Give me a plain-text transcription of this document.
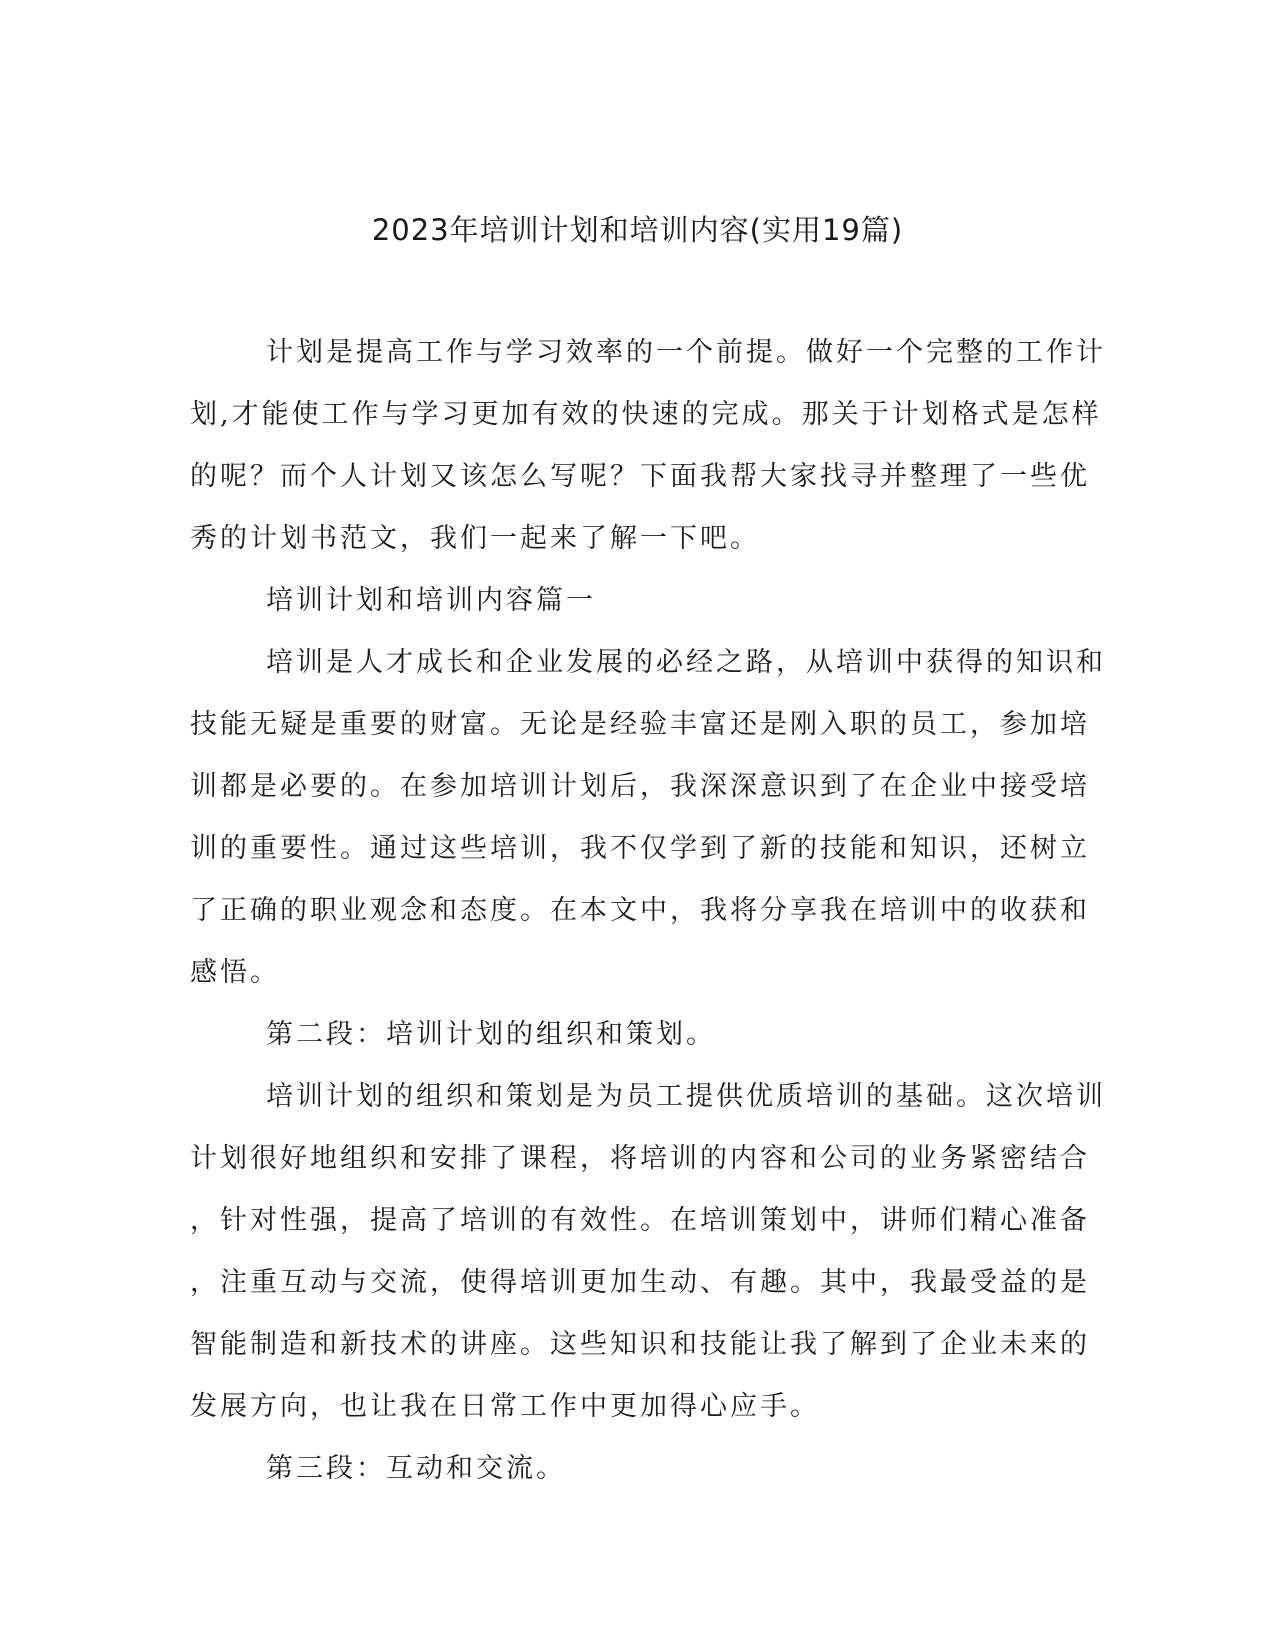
2023年培训计划和培训内容(实用19篇)
计划是提高工作与学习效率的一个前提。做好一个完整的工作计
划,才能使工作与学习更加有效的快速的完成。那关于计划格式是怎样
的呢？而个人计划又该怎么写呢？下面我帮大家找寻并整理了一些优
秀的计划书范文，我们一起来了解一下吧。
培训计划和培训内容篇一
培训是人才成长和企业发展的必经之路，从培训中获得的知识和
技能无疑是重要的财富。无论是经验丰富还是刚入职的员工，参加培
训都是必要的。在参加培训计划后，我深深意识到了在企业中接受培
训的重要性。通过这些培训，我不仅学到了新的技能和知识，还树立
了正确的职业观念和态度。在本文中，我将分享我在培训中的收获和
感悟。
第二段：培训计划的组织和策划。
培训计划的组织和策划是为员工提供优质培训的基础。这次培训
计划很好地组织和安排了课程，将培训的内容和公司的业务紧密结合
，针对性强，提高了培训的有效性。在培训策划中，讲师们精心准备
，注重互动与交流，使得培训更加生动、有趣。其中，我最受益的是
智能制造和新技术的讲座。这些知识和技能让我了解到了企业未来的
发展方向，也让我在日常工作中更加得心应手。
第三段：互动和交流。
